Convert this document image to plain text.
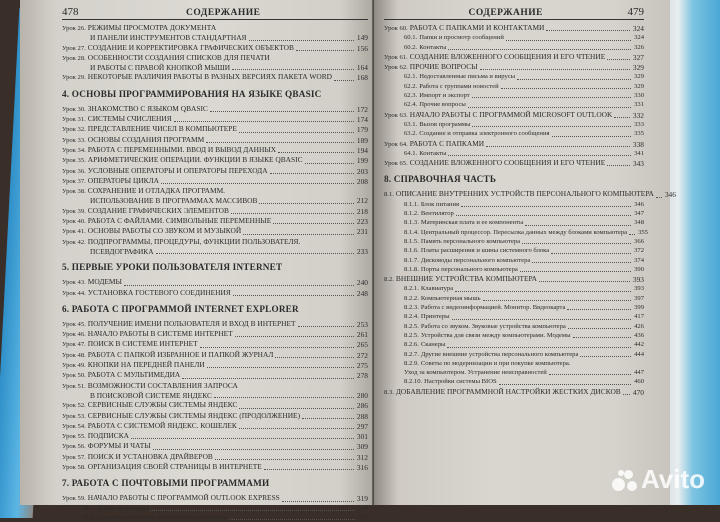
478	СОДЕРЖАНИЕ
Урок 26. РЕЖИМЫ ПРОСМОТРА ДОКУМЕНТА
И ПАНЕЛИ ИНСТРУМЕНТОВ СТАНДАРТНАЯ	149
Урок 27. СОЗДАНИЕ И КОРРЕКТИРОВКА ГРАФИЧЕСКИХ ОБЪЕКТОВ	156
Урок 28. ОСОБЕННОСТИ СОЗДАНИЯ СПИСКОВ ДЛЯ ПЕЧАТИ
И РАБОТЫ С ПРАВОЙ КНОПКОЙ МЫШИ	164
Урок 29. НЕКОТОРЫЕ РАЗЛИЧИЯ РАБОТЫ В РАЗНЫХ ВЕРСИЯХ ПАКЕТА WORD	168
4. ОСНОВЫ ПРОГРАММИРОВАНИЯ НА ЯЗЫКЕ QBASIC
Урок 30. ЗНАКОМСТВО С ЯЗЫКОМ QBASIC	172
Урок 31. СИСТЕМЫ СЧИСЛЕНИЯ	174
Урок 32. ПРЕДСТАВЛЕНИЕ ЧИСЕЛ В КОМПЬЮТЕРЕ	179
Урок 33. ОСНОВЫ СОЗДАНИЯ ПРОГРАММ	189
Урок 34. РАБОТА С ПЕРЕМЕННЫМИ. ВВОД И ВЫВОД ДАННЫХ	194
Урок 35. АРИФМЕТИЧЕСКИЕ ОПЕРАЦИИ. ФУНКЦИИ В ЯЗЫКЕ QBASIC	199
Урок 36. УСЛОВНЫЕ ОПЕРАТОРЫ И ОПЕРАТОРЫ ПЕРЕХОДА	203
Урок 37. ОПЕРАТОРЫ ЦИКЛА	208
Урок 38. СОХРАНЕНИЕ И ОТЛАДКА ПРОГРАММ.
ИСПОЛЬЗОВАНИЕ В ПРОГРАММАХ МАССИВОВ	212
Урок 39. СОЗДАНИЕ ГРАФИЧЕСКИХ ЭЛЕМЕНТОВ	218
Урок 40. РАБОТА С ФАЙЛАМИ. СИМВОЛЬНЫЕ ПЕРЕМЕННЫЕ	223
Урок 41. ОСНОВЫ РАБОТЫ СО ЗВУКОМ И МУЗЫКОЙ	231
Урок 42. ПОДПРОГРАММЫ, ПРОЦЕДУРЫ, ФУНКЦИИ ПОЛЬЗОВАТЕЛЯ.
ПСЕВДОГРАФИКА	233
5. ПЕРВЫЕ УРОКИ ПОЛЬЗОВАТЕЛЯ INTERNET
Урок 43. МОДЕМЫ	240
Урок 44. УСТАНОВКА ГОСТЕВОГО СОЕДИНЕНИЯ	248
6. РАБОТА С ПРОГРАММОЙ INTERNET EXPLORER
Урок 45. ПОЛУЧЕНИЕ ИМЕНИ ПОЛЬЗОВАТЕЛЯ И ВХОД В ИНТЕРНЕТ	253
Урок 46. НАЧАЛО РАБОТЫ В СИСТЕМЕ ИНТЕРНЕТ	261
Урок 47. ПОИСК В СИСТЕМЕ ИНТЕРНЕТ	265
Урок 48. РАБОТА С ПАПКОЙ ИЗБРАННОЕ И ПАПКОЙ ЖУРНАЛ	272
Урок 49. КНОПКИ НА ПЕРЕДНЕЙ ПАНЕЛИ	275
Урок 50. РАБОТА С МУЛЬТИМЕДИА	278
Урок 51. ВОЗМОЖНОСТИ СОСТАВЛЕНИЯ ЗАПРОСА
В ПОИСКОВОЙ СИСТЕМЕ ЯНДЕКС	280
Урок 52. СЕРВИСНЫЕ СЛУЖБЫ СИСТЕМЫ ЯНДЕКС	286
Урок 53. СЕРВИСНЫЕ СЛУЖБЫ СИСТЕМЫ ЯНДЕКС (ПРОДОЛЖЕНИЕ)	288
Урок 54. РАБОТА С СИСТЕМОЙ ЯНДЕКС. КОШЕЛЕК	297
Урок 55. ПОДПИСКА	301
Урок 56. ФОРУМЫ И ЧАТЫ	309
Урок 57. ПОИСК И УСТАНОВКА ДРАЙВЕРОВ	312
Урок 58. ОРГАНИЗАЦИЯ СВОЕЙ СТРАНИЦЫ В ИНТЕРНЕТЕ	316
7. РАБОТА С ПОЧТОВЫМИ ПРОГРАММАМИ
Урок 59. НАЧАЛО РАБОТЫ С ПРОГРАММОЙ OUTLOOK EXPRESS	319
59.1. Вызов программы	319
59.2. Создание и отправка электронного сообщения	322
СОДЕРЖАНИЕ	479
Урок 60. РАБОТА С ПАПКАМИ И КОНТАКТАМИ	324
60.1. Папки и просмотр сообщений	324
60.2. Контакты	326
Урок 61. СОЗДАНИЕ ВЛОЖЕННОГО СООБЩЕНИЯ И ЕГО ЧТЕНИЕ	327
Урок 62. ПРОЧИЕ ВОПРОСЫ	329
62.1. Недоставленные письма и вирусы	329
62.2. Работа с группами новостей	329
62.3. Импорт и экспорт	330
62.4. Прочие вопросы	331
Урок 63. НАЧАЛО РАБОТЫ С ПРОГРАММОЙ MICROSOFT OUTLOOK	332
63.1. Вызов программы	333
63.2. Создание и отправка электронного сообщения	335
Урок 64. РАБОТА С ПАПКАМИ	338
64.1. Контакты	341
Урок 65. СОЗДАНИЕ ВЛОЖЕННОГО СООБЩЕНИЯ И ЕГО ЧТЕНИЕ	343
8. СПРАВОЧНАЯ ЧАСТЬ
8.1. ОПИСАНИЕ ВНУТРЕННИХ УСТРОЙСТВ ПЕРСОНАЛЬНОГО КОМПЬЮТЕРА 346
8.1.1. Блок питания	346
8.1.2. Вентилятор	347
8.1.3. Материнская плата и ее компоненты	348
8.1.4. Центральный процессор. Пересылка данных между блоками компьютера 355
8.1.5. Память персонального компьютера	366
8.1.6. Платы расширения и шины системного блока	372
8.1.7. Дисководы персонального компьютера	374
8.1.8. Порты персонального компьютера	390
8.2. ВНЕШНИЕ УСТРОЙСТВА КОМПЬЮТЕРА	393
8.2.1. Клавиатура	393
8.2.2. Компьютерная мышь	397
8.2.3. Работа с видеоинформацией. Монитор. Видеокарта	399
8.2.4. Принтеры	417
8.2.5. Работа со звуком. Звуковые устройства компьютера	426
8.2.5. Устройства для связи между компьютерами. Модемы	436
8.2.6. Сканеры	442
8.2.7. Другие внешние устройства персонального компьютера	444
8.2.9. Советы по модернизации и при покупке компьютера.
Уход за компьютером. Устранение неисправностей	447
8.2.10. Настройки системы BIOS	460
8.3. ДОБАВЛЕНИЕ ПРОГРАММНОЙ НАСТРОЙКИ ЖЕСТКИХ ДИСКОВ 470
Avito
